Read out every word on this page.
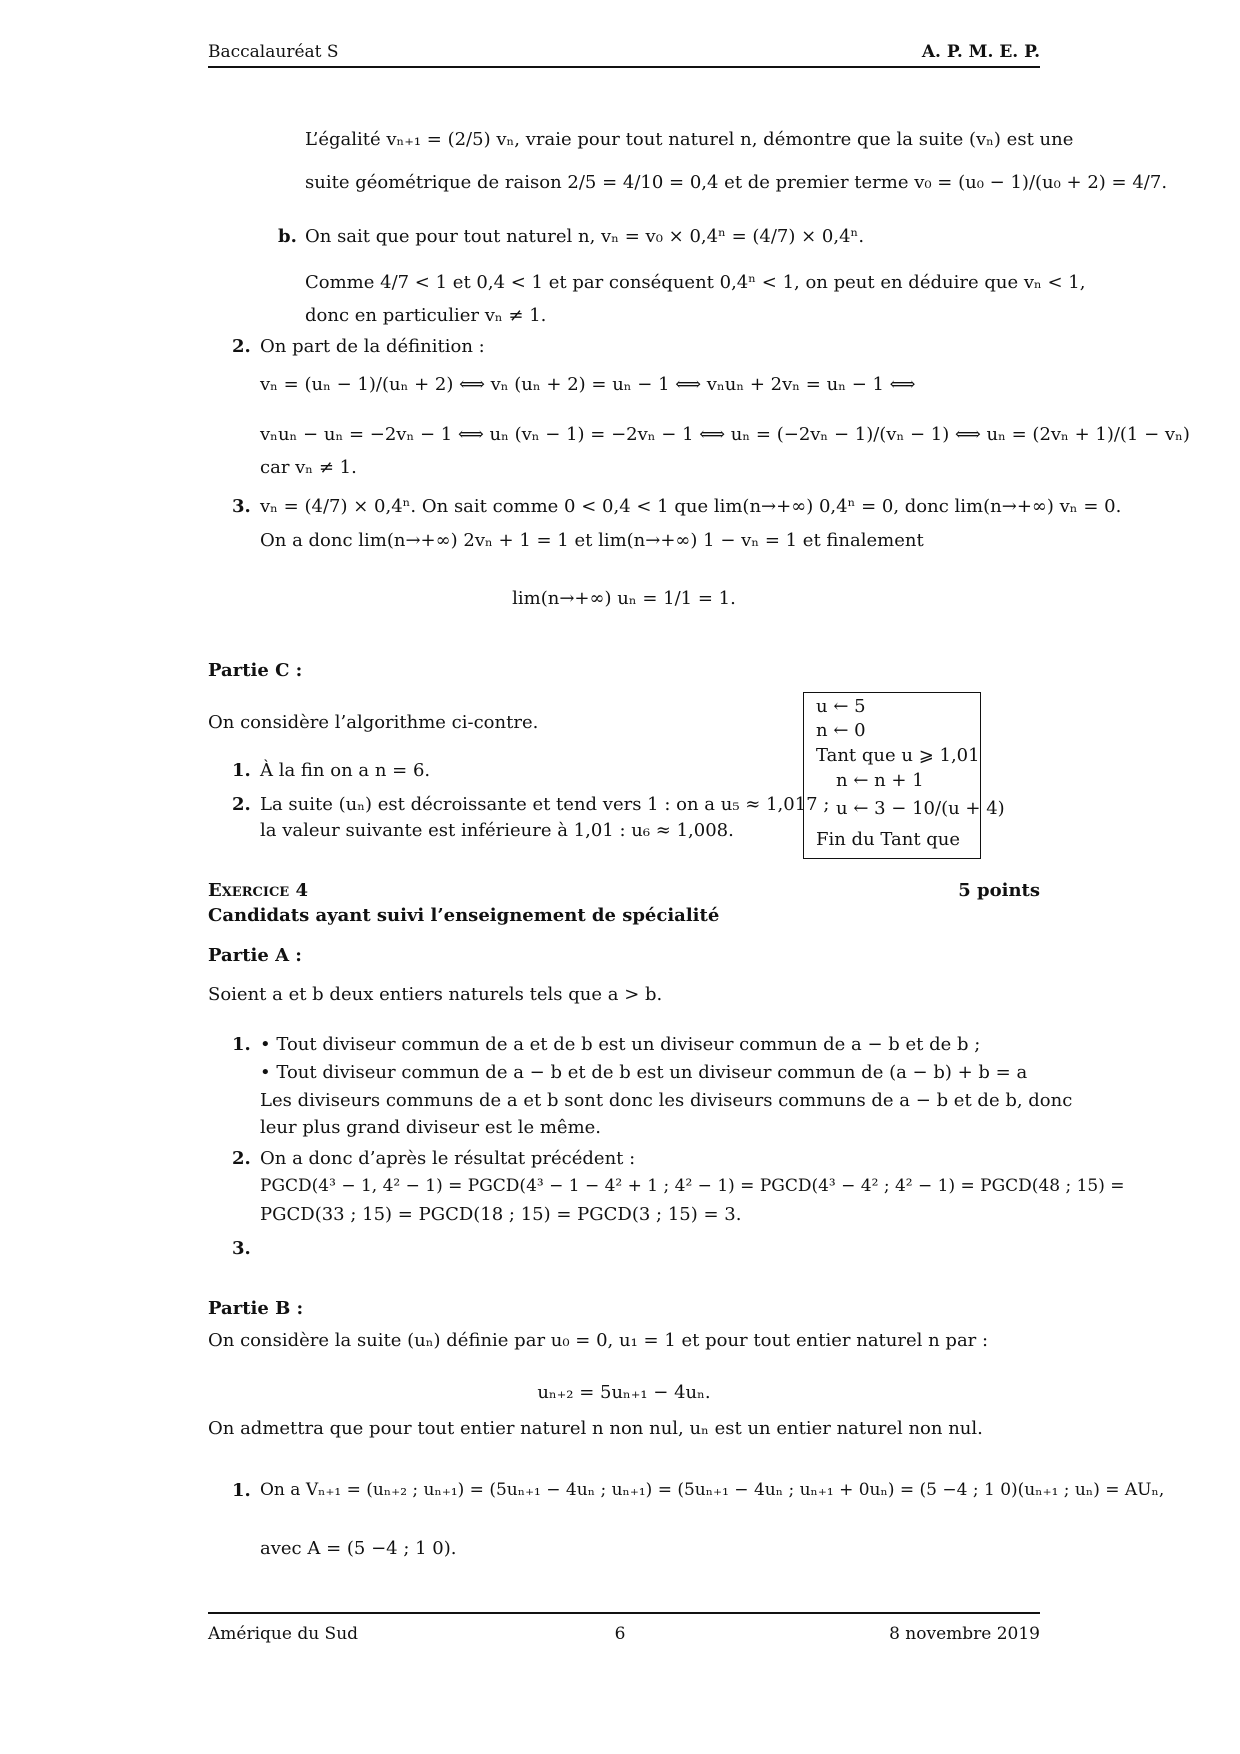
Baccalauréat S	A. P. M. E. P.
L’égalité vₙ₊₁ = (2/5) vₙ, vraie pour tout naturel n, démontre que la suite (vₙ) est une
suite géométrique de raison 2/5 = 4/10 = 0,4 et de premier terme v₀ = (u₀ − 1)/(u₀ + 2) = 4/7.
b. On sait que pour tout naturel n, vₙ = v₀ × 0,4ⁿ = (4/7) × 0,4ⁿ.
Comme 4/7 < 1 et 0,4 < 1 et par conséquent 0,4ⁿ < 1, on peut en déduire que vₙ < 1,
donc en particulier vₙ ≠ 1.
2. On part de la définition :
vₙ = (uₙ − 1)/(uₙ + 2) ⟺ vₙ (uₙ + 2) = uₙ − 1 ⟺ vₙuₙ + 2vₙ = uₙ − 1 ⟺
vₙuₙ − uₙ = −2vₙ − 1 ⟺ uₙ (vₙ − 1) = −2vₙ − 1 ⟺ uₙ = (−2vₙ − 1)/(vₙ − 1) ⟺ uₙ = (2vₙ + 1)/(1 − vₙ)
car vₙ ≠ 1.
3. vₙ = (4/7) × 0,4ⁿ. On sait comme 0 < 0,4 < 1 que lim(n→+∞) 0,4ⁿ = 0, donc lim(n→+∞) vₙ = 0.
On a donc lim(n→+∞) 2vₙ + 1 = 1 et lim(n→+∞) 1 − vₙ = 1 et finalement
lim(n→+∞) uₙ = 1/1 = 1.
Partie C :
On considère l’algorithme ci-contre.
1. À la fin on a n = 6.
2. La suite (uₙ) est décroissante et tend vers 1 : on a u₅ ≈ 1,017 ;
la valeur suivante est inférieure à 1,01 : u₆ ≈ 1,008.
u ← 5
n ← 0
Tant que u ⩾ 1,01
n ← n + 1
u ← 3 − 10/(u + 4)
Fin du Tant que
Exercice 4	5 points
Candidats ayant suivi l’enseignement de spécialité
Partie A :
Soient a et b deux entiers naturels tels que a > b.
1. • Tout diviseur commun de a et de b est un diviseur commun de a − b et de b ;
• Tout diviseur commun de a − b et de b est un diviseur commun de (a − b) + b = a
Les diviseurs communs de a et b sont donc les diviseurs communs de a − b et de b, donc
leur plus grand diviseur est le même.
2. On a donc d’après le résultat précédent :
PGCD(4³ − 1, 4² − 1) = PGCD(4³ − 1 − 4² + 1 ; 4² − 1) = PGCD(4³ − 4² ; 4² − 1) = PGCD(48 ; 15) =
PGCD(33 ; 15) = PGCD(18 ; 15) = PGCD(3 ; 15) = 3.
3.
Partie B :
On considère la suite (uₙ) définie par u₀ = 0, u₁ = 1 et pour tout entier naturel n par :
uₙ₊₂ = 5uₙ₊₁ − 4uₙ.
On admettra que pour tout entier naturel n non nul, uₙ est un entier naturel non nul.
1. On a Vₙ₊₁ = (uₙ₊₂ ; uₙ₊₁) = (5uₙ₊₁ − 4uₙ ; uₙ₊₁) = (5uₙ₊₁ − 4uₙ ; uₙ₊₁ + 0uₙ) = (5 −4 ; 1 0)(uₙ₊₁ ; uₙ) = AUₙ,
avec A = (5 −4 ; 1 0).
Amérique du Sud	6	8 novembre 2019
